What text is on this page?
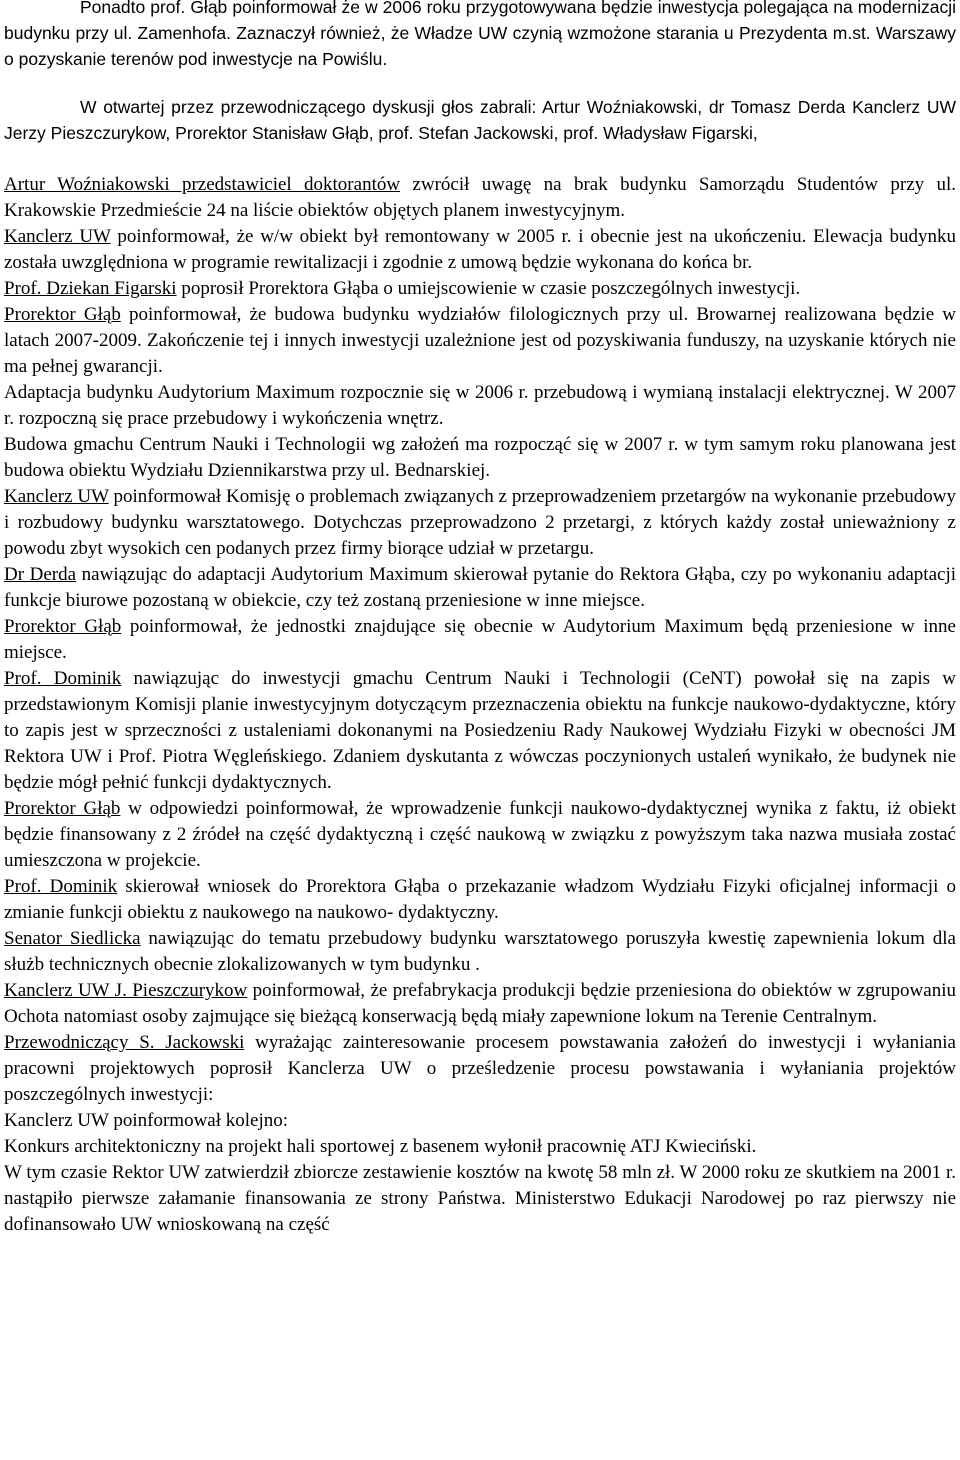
Ponadto prof. Głąb poinformował że w 2006 roku przygotowywana będzie inwestycja polegająca na modernizacji budynku przy ul. Zamenhofa. Zaznaczył również, że Władze UW czynią wzmożone starania u Prezydenta m.st. Warszawy o pozyskanie terenów pod inwestycje na Powiślu.

W otwartej przez przewodniczącego dyskusji głos zabrali: Artur Woźniakowski, dr Tomasz Derda Kanclerz UW Jerzy Pieszczurykow, Prorektor Stanisław Głąb, prof. Stefan Jackowski, prof. Władysław Figarski,

Artur Woźniakowski przedstawiciel doktorantów zwrócił uwagę na brak budynku Samorządu Studentów przy ul. Krakowskie Przedmieście 24 na liście obiektów objętych planem inwestycyjnym.

Kanclerz UW poinformował, że w/w obiekt był remontowany w 2005 r. i obecnie jest na ukończeniu. Elewacja budynku została uwzględniona w programie rewitalizacji i zgodnie z umową będzie wykonana do końca br.

Prof. Dziekan Figarski poprosił Prorektora Głąba o umiejscowienie w czasie poszczególnych inwestycji.

Prorektor Głąb poinformował, że budowa budynku wydziałów filologicznych przy ul. Browarnej realizowana będzie w latach 2007-2009. Zakończenie tej i innych inwestycji uzależnione jest od pozyskiwania funduszy, na uzyskanie których nie ma pełnej gwarancji.

Adaptacja budynku Audytorium Maximum rozpocznie się w 2006 r. przebudową i wymianą instalacji elektrycznej. W 2007 r. rozpoczną się prace przebudowy i wykończenia wnętrz.

Budowa gmachu Centrum Nauki i Technologii wg założeń ma rozpocząć się w 2007 r. w tym samym roku planowana jest budowa obiektu Wydziału Dziennikarstwa przy ul. Bednarskiej.

Kanclerz UW poinformował Komisję o problemach związanych z przeprowadzeniem przetargów na wykonanie przebudowy i rozbudowy budynku warsztatowego. Dotychczas przeprowadzono 2 przetargi, z których każdy został unieważniony z powodu zbyt wysokich cen podanych przez firmy biorące udział w przetargu.

Dr Derda nawiązując do adaptacji Audytorium Maximum skierował pytanie do Rektora Głąba, czy po wykonaniu adaptacji funkcje biurowe pozostaną w obiekcie, czy też zostaną przeniesione w inne miejsce.

Prorektor Głąb poinformował, że jednostki znajdujące się obecnie w Audytorium Maximum będą przeniesione w inne miejsce.

Prof. Dominik nawiązując do inwestycji gmachu Centrum Nauki i Technologii (CeNT) powołał się na zapis w przedstawionym Komisji planie inwestycyjnym dotyczącym przeznaczenia obiektu na funkcje naukowo-dydaktyczne, który to zapis jest w sprzeczności z ustaleniami dokonanymi na Posiedzeniu Rady Naukowej Wydziału Fizyki w obecności JM Rektora UW i Prof. Piotra Węgleńskiego. Zdaniem dyskutanta z wówczas poczynionych ustaleń wynikało, że budynek nie będzie mógł pełnić funkcji dydaktycznych.

Prorektor Głąb w odpowiedzi poinformował, że wprowadzenie funkcji naukowo-dydaktycznej wynika z faktu, iż obiekt będzie finansowany z 2 źródeł na część dydaktyczną i część naukową w związku z powyższym taka nazwa musiała zostać umieszczona w projekcie.

Prof. Dominik skierował wniosek do Prorektora Głąba o przekazanie władzom Wydziału Fizyki oficjalnej informacji o zmianie funkcji obiektu z naukowego na naukowo- dydaktyczny.

Senator Siedlicka nawiązując do tematu przebudowy budynku warsztatowego poruszyła kwestię zapewnienia lokum dla służb technicznych obecnie zlokalizowanych w tym budynku .

Kanclerz UW J. Pieszczurykow poinformował, że prefabrykacja produkcji będzie przeniesiona do obiektów w zgrupowaniu Ochota natomiast osoby zajmujące się bieżącą konserwacją będą miały zapewnione lokum na Terenie Centralnym.

Przewodniczący S. Jackowski wyrażając zainteresowanie procesem powstawania założeń do inwestycji i wyłaniania pracowni projektowych poprosił Kanclerza UW o prześledzenie procesu powstawania i wyłaniania projektów poszczególnych inwestycji:

Kanclerz UW poinformował kolejno:

Konkurs architektoniczny na projekt hali sportowej z basenem wyłonił pracownię ATJ Kwieciński.

W tym czasie Rektor UW zatwierdził zbiorcze zestawienie kosztów na kwotę 58 mln zł. W 2000 roku ze skutkiem na 2001 r. nastąpiło pierwsze załamanie finansowania ze strony Państwa. Ministerstwo Edukacji Narodowej po raz pierwszy nie dofinansowało UW wnioskowaną na część
